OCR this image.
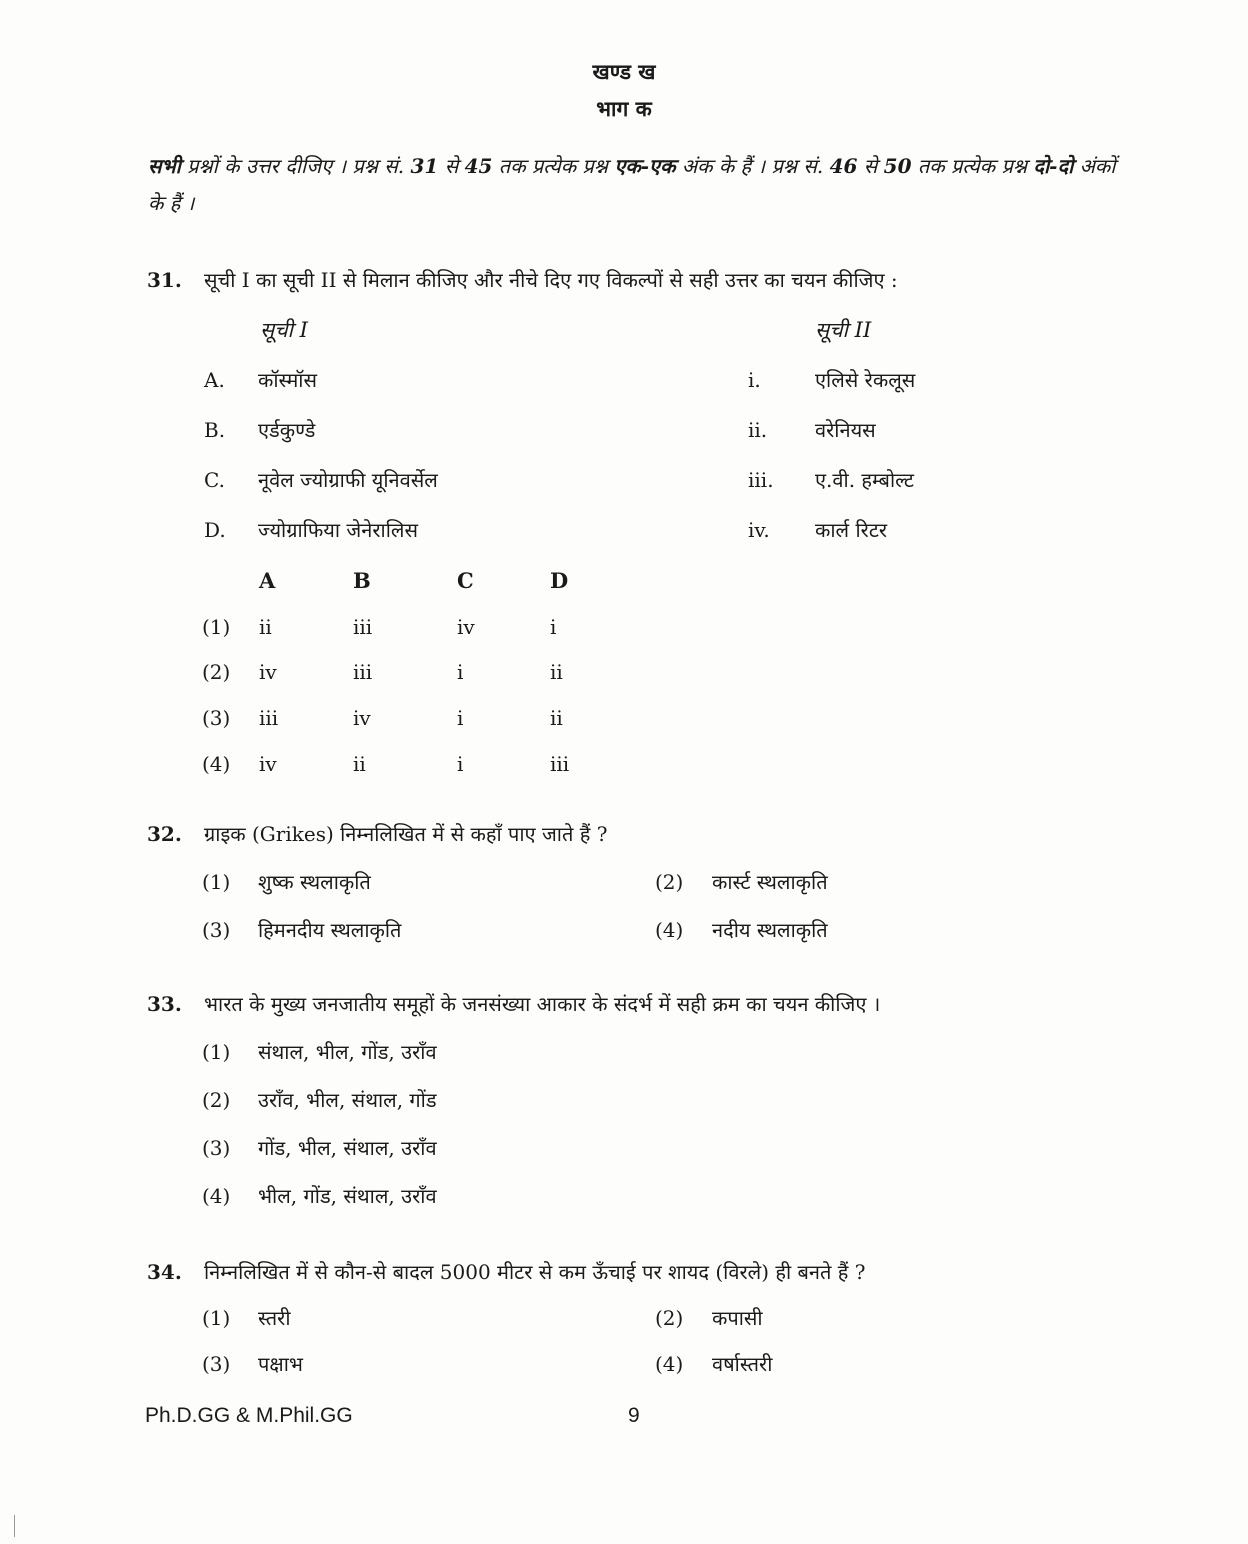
खण्ड ख
भाग क
सभी प्रश्नों के उत्तर दीजिए । प्रश्न सं. 31 से 45 तक प्रत्येक प्रश्न एक-एक अंक के हैं । प्रश्न सं. 46 से 50 तक प्रत्येक प्रश्न दो-दो अंकों के हैं ।
31. सूची I का सूची II से मिलान कीजिए और नीचे दिए गए विकल्पों से सही उत्तर का चयन कीजिए :
सूची I	सूची II
A. कॉस्मॉस	i.	एलिसे रेकलूस
B. एर्डकुण्डे	ii. वरेनियस
C. नूवेल ज्योग्राफी यूनिवर्सेल	iii. ए.वी. हम्बोल्ट
D. ज्योग्राफिया जेनेरालिस	iv. कार्ल रिटर
A	B	C	D
(1) ii	iii	iv	i
(2) iv	iii	i	ii
(3) iii	iv	i	ii
(4) iv	ii	i	iii
32. ग्राइक (Grikes) निम्नलिखित में से कहाँ पाए जाते हैं ?
(1) शुष्क स्थलाकृति	(2) कार्स्ट स्थलाकृति
(3) हिमनदीय स्थलाकृति	(4) नदीय स्थलाकृति
33. भारत के मुख्य जनजातीय समूहों के जनसंख्या आकार के संदर्भ में सही क्रम का चयन कीजिए ।
(1) संथाल, भील, गोंड, उराँव
(2) उराँव, भील, संथाल, गोंड
(3) गोंड, भील, संथाल, उराँव
(4) भील, गोंड, संथाल, उराँव
34. निम्नलिखित में से कौन-से बादल 5000 मीटर से कम ऊँचाई पर शायद (विरले) ही बनते हैं ?
(1) स्तरी	(2) कपासी
(3) पक्षाभ	(4) वर्षास्तरी
Ph.D.GG & M.Phil.GG	9
